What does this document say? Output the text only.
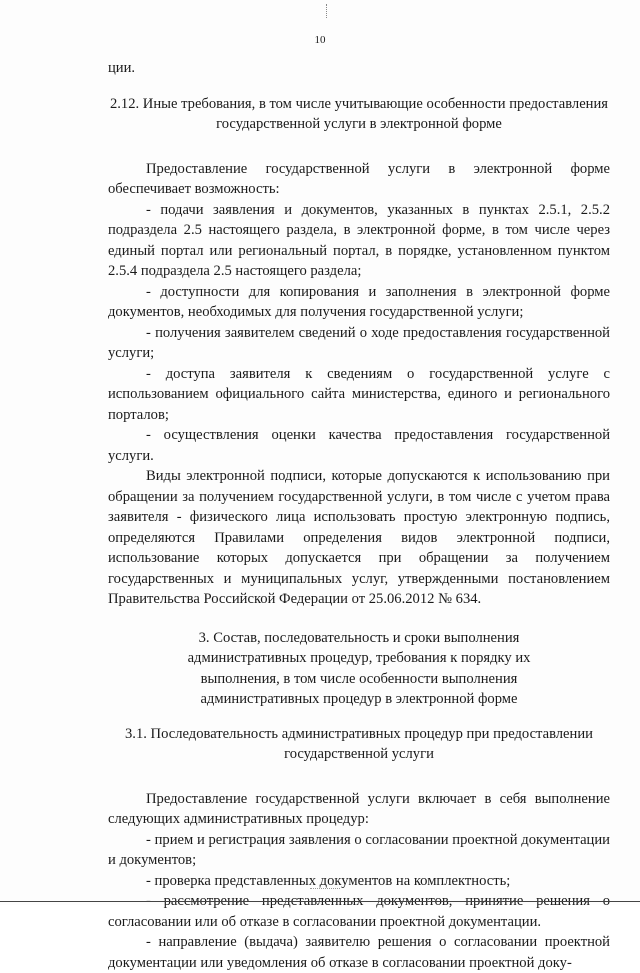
10

ции.

2.12. Иные требования, в том числе учитывающие особенности предоставления государственной услуги в электронной форме

Предоставление государственной услуги в электронной форме обеспечивает возможность:

- подачи заявления и документов, указанных в пунктах 2.5.1, 2.5.2 подраздела 2.5 настоящего раздела, в электронной форме, в том числе через единый портал или региональный портал, в порядке, установленном пунктом 2.5.4 подраздела 2.5 настоящего раздела;

- доступности для копирования и заполнения в электронной форме документов, необходимых для получения государственной услуги;

- получения заявителем сведений о ходе предоставления государственной услуги;

- доступа заявителя к сведениям о государственной услуге с использованием официального сайта министерства, единого и регионального порталов;

- осуществления оценки качества предоставления государственной услуги.

Виды электронной подписи, которые допускаются к использованию при обращении за получением государственной услуги, в том числе с учетом права заявителя - физического лица использовать простую электронную подпись, определяются Правилами определения видов электронной подписи, использование которых допускается при обращении за получением государственных и муниципальных услуг, утвержденными постановлением Правительства Российской Федерации от 25.06.2012 № 634.

3. Состав, последовательность и сроки выполнения административных процедур, требования к порядку их выполнения, в том числе особенности выполнения административных процедур в электронной форме

3.1. Последовательность административных процедур при предоставлении государственной услуги

Предоставление государственной услуги включает в себя выполнение следующих административных процедур:

- прием и регистрация заявления о согласовании проектной документации и документов;

- проверка представленных документов на комплектность;

- рассмотрение представленных документов, принятие решения о согласовании или об отказе в согласовании проектной документации.

- направление (выдача) заявителю решения о согласовании проектной документации или уведомления об отказе в согласовании проектной доку-
